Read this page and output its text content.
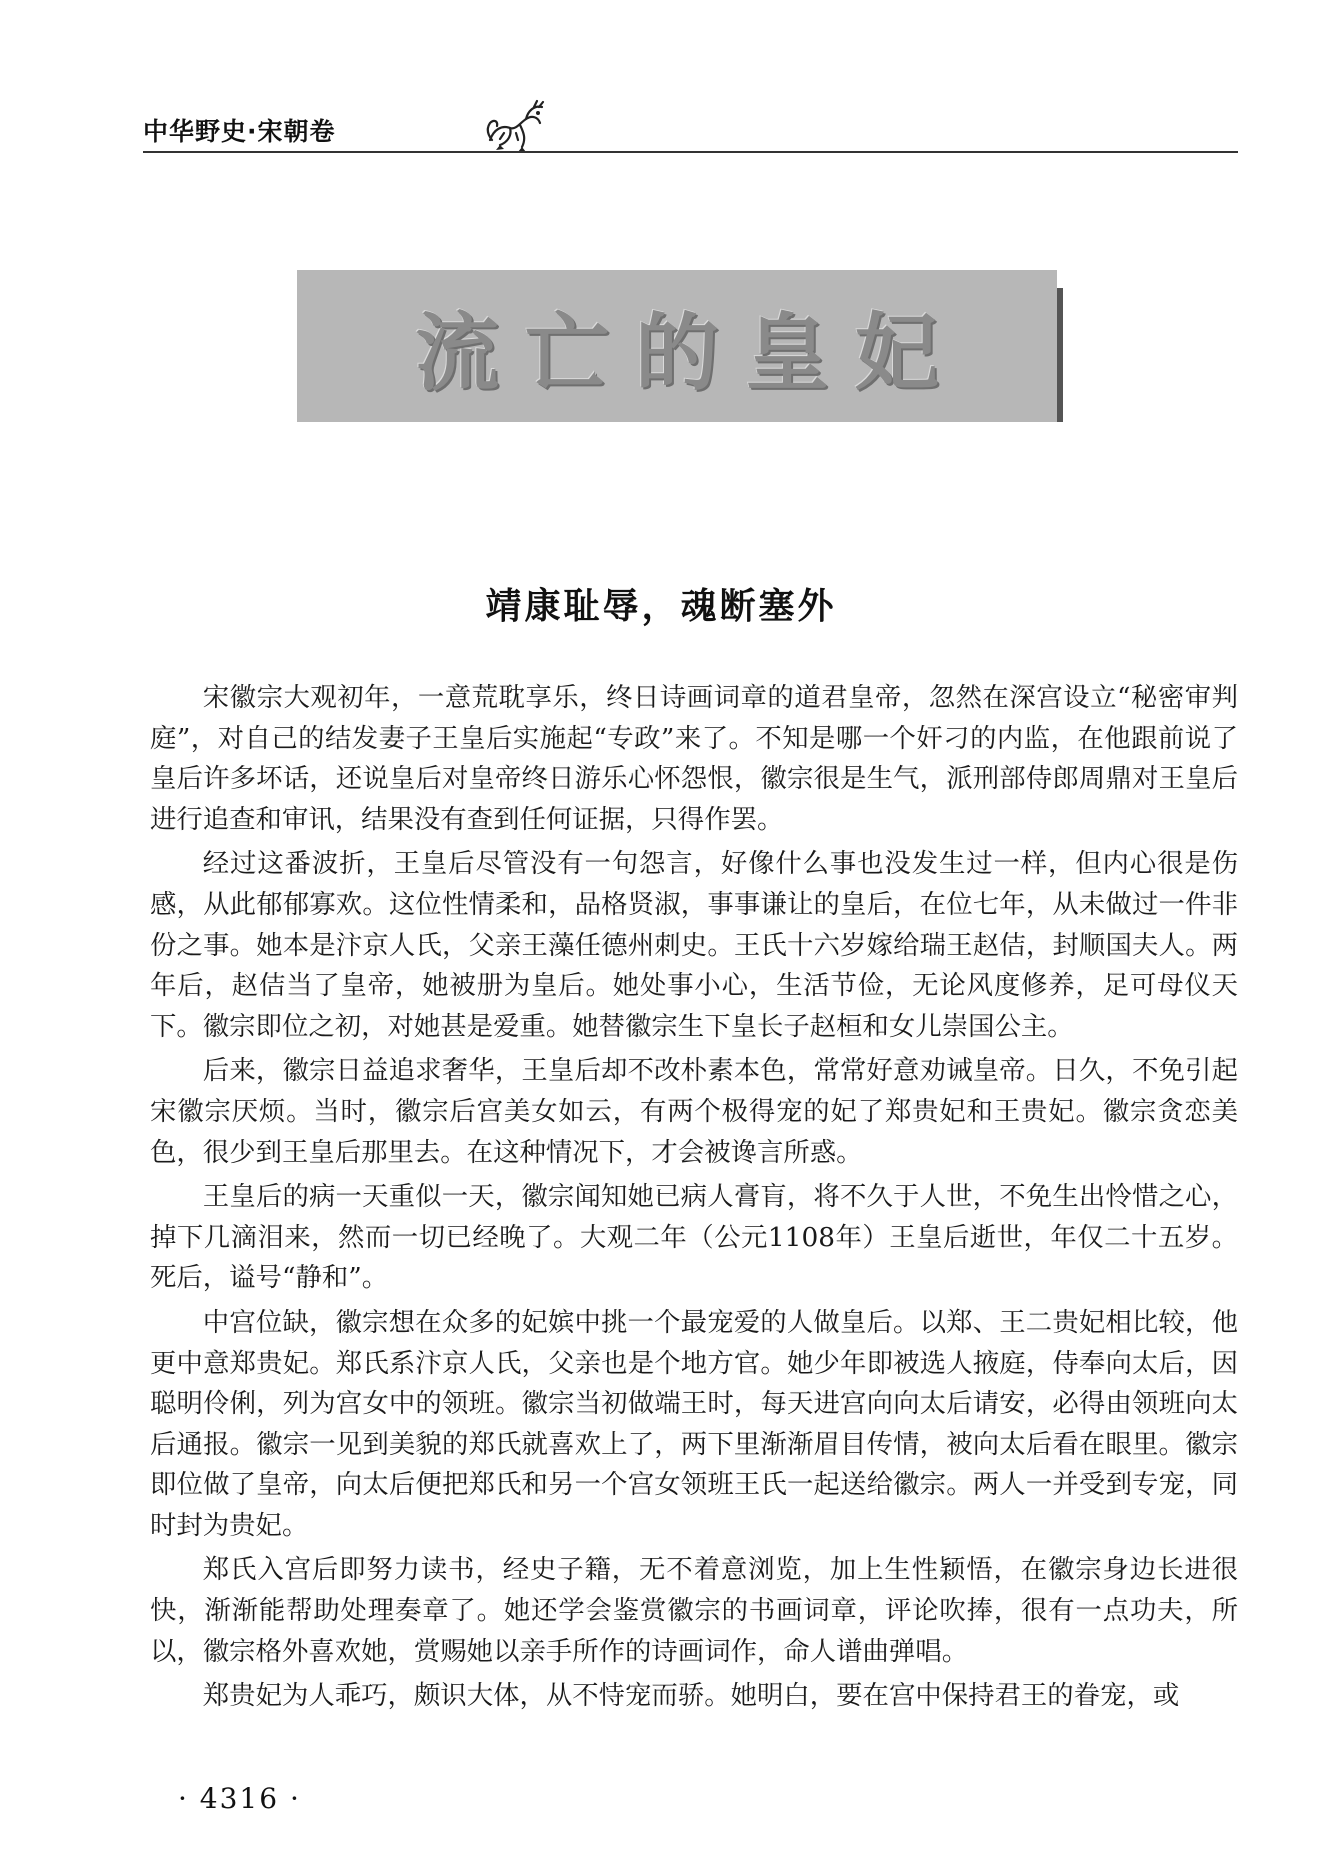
中华野史·宋朝卷
流亡的皇妃
靖康耻辱，魂断塞外

宋徽宗大观初年，一意荒耽享乐，终日诗画词章的道君皇帝，忽然在深宫设立“秘密审判庭”，对自己的结发妻子王皇后实施起“专政”来了。不知是哪一个奸刁的内监，在他跟前说了皇后许多坏话，还说皇后对皇帝终日游乐心怀怨恨，徽宗很是生气，派刑部侍郎周鼎对王皇后进行追查和审讯，结果没有查到任何证据，只得作罢。

经过这番波折，王皇后尽管没有一句怨言，好像什么事也没发生过一样，但内心很是伤感，从此郁郁寡欢。这位性情柔和，品格贤淑，事事谦让的皇后，在位七年，从未做过一件非份之事。她本是汴京人氏，父亲王藻任德州刺史。王氏十六岁嫁给瑞王赵佶，封顺国夫人。两年后，赵佶当了皇帝，她被册为皇后。她处事小心，生活节俭，无论风度修养，足可母仪天下。徽宗即位之初，对她甚是爱重。她替徽宗生下皇长子赵桓和女儿崇国公主。

后来，徽宗日益追求奢华，王皇后却不改朴素本色，常常好意劝诫皇帝。日久，不免引起宋徽宗厌烦。当时，徽宗后宫美女如云，有两个极得宠的妃了郑贵妃和王贵妃。徽宗贪恋美色，很少到王皇后那里去。在这种情况下，才会被谗言所惑。

王皇后的病一天重似一天，徽宗闻知她已病人膏肓，将不久于人世，不免生出怜惜之心，掉下几滴泪来，然而一切已经晚了。大观二年（公元1108年）王皇后逝世，年仅二十五岁。死后，谥号“静和”。

中宫位缺，徽宗想在众多的妃嫔中挑一个最宠爱的人做皇后。以郑、王二贵妃相比较，他更中意郑贵妃。郑氏系汴京人氏，父亲也是个地方官。她少年即被选人掖庭，侍奉向太后，因聪明伶俐，列为宫女中的领班。徽宗当初做端王时，每天进宫向向太后请安，必得由领班向太后通报。徽宗一见到美貌的郑氏就喜欢上了，两下里渐渐眉目传情，被向太后看在眼里。徽宗即位做了皇帝，向太后便把郑氏和另一个宫女领班王氏一起送给徽宗。两人一并受到专宠，同时封为贵妃。

郑氏入宫后即努力读书，经史子籍，无不着意浏览，加上生性颖悟，在徽宗身边长进很快，渐渐能帮助处理奏章了。她还学会鉴赏徽宗的书画词章，评论吹捧，很有一点功夫，所以，徽宗格外喜欢她，赏赐她以亲手所作的诗画词作，命人谱曲弹唱。

郑贵妃为人乖巧，颇识大体，从不恃宠而骄。她明白，要在宫中保持君王的眷宠，或

· 4316 ·
